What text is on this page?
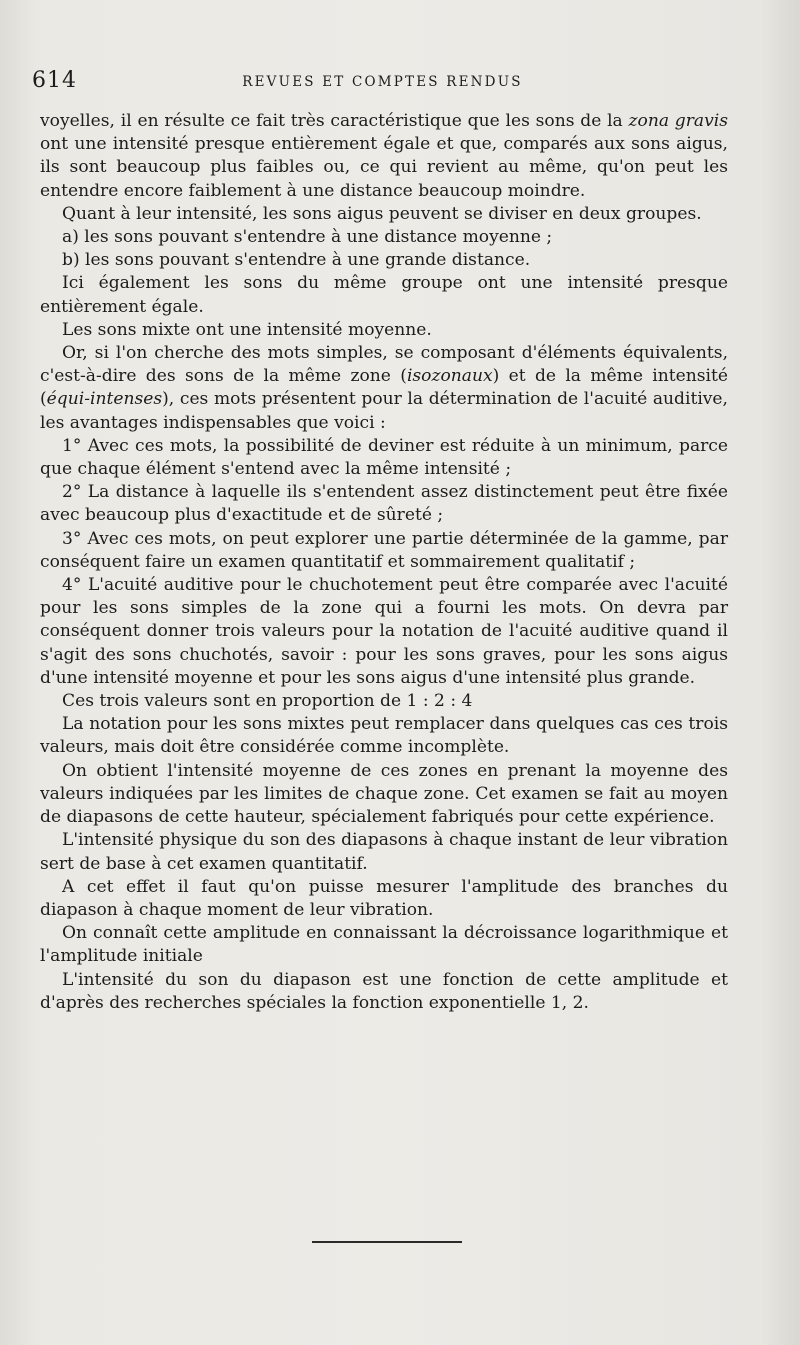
614	REVUES ET COMPTES RENDUS

voyelles, il en résulte ce fait très caractéristique que les sons de la zona gravis ont une intensité presque entièrement égale et que, comparés aux sons aigus, ils sont beaucoup plus faibles ou, ce qui revient au même, qu'on peut les entendre encore faiblement à une distance beaucoup moindre.

Quant à leur intensité, les sons aigus peuvent se diviser en deux groupes.

a) les sons pouvant s'entendre à une distance moyenne ;

b) les sons pouvant s'entendre à une grande distance.

Ici également les sons du même groupe ont une intensité presque entièrement égale.

Les sons mixte ont une intensité moyenne.

Or, si l'on cherche des mots simples, se composant d'éléments équivalents, c'est-à-dire des sons de la même zone (isozonaux) et de la même intensité (équi-intenses), ces mots présentent pour la détermination de l'acuité auditive, les avantages indispensables que voici :

1° Avec ces mots, la possibilité de deviner est réduite à un minimum, parce que chaque élément s'entend avec la même intensité ;

2° La distance à laquelle ils s'entendent assez distinctement peut être fixée avec beaucoup plus d'exactitude et de sûreté ;

3° Avec ces mots, on peut explorer une partie déterminée de la gamme, par conséquent faire un examen quantitatif et sommairement qualitatif ;

4° L'acuité auditive pour le chuchotement peut être comparée avec l'acuité pour les sons simples de la zone qui a fourni les mots. On devra par conséquent donner trois valeurs pour la notation de l'acuité auditive quand il s'agit des sons chuchotés, savoir : pour les sons graves, pour les sons aigus d'une intensité moyenne et pour les sons aigus d'une intensité plus grande.

Ces trois valeurs sont en proportion de 1 : 2 : 4

La notation pour les sons mixtes peut remplacer dans quelques cas ces trois valeurs, mais doit être considérée comme incomplète.

On obtient l'intensité moyenne de ces zones en prenant la moyenne des valeurs indiquées par les limites de chaque zone. Cet examen se fait au moyen de diapasons de cette hauteur, spécialement fabriqués pour cette expérience.

L'intensité physique du son des diapasons à chaque instant de leur vibration sert de base à cet examen quantitatif.

A cet effet il faut qu'on puisse mesurer l'amplitude des branches du diapason à chaque moment de leur vibration.

On connaît cette amplitude en connaissant la décroissance logarithmique et l'amplitude initiale

L'intensité du son du diapason est une fonction de cette amplitude et d'après des recherches spéciales la fonction exponentielle 1, 2.
